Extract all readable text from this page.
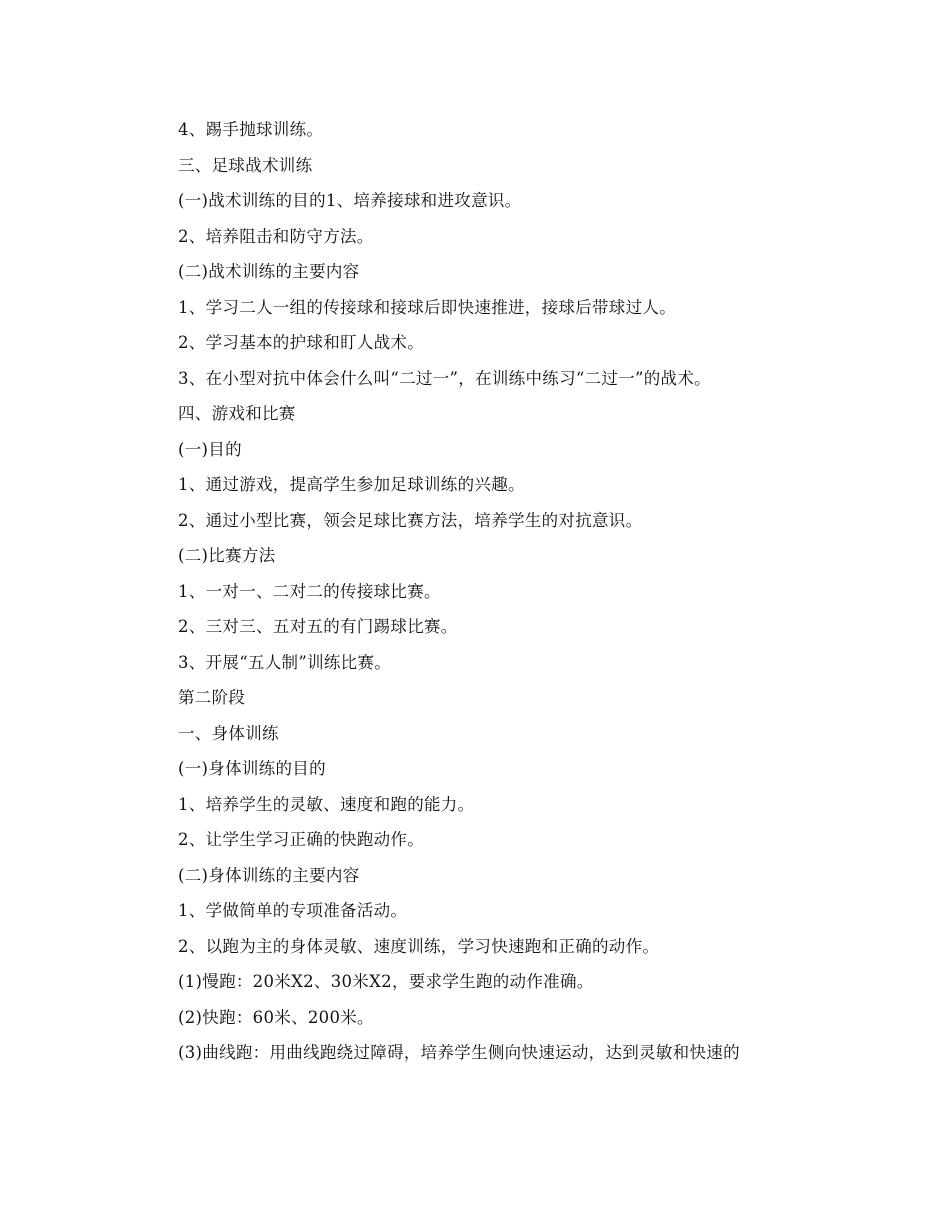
4、踢手抛球训练。
三、足球战术训练
(一)战术训练的目的1、培养接球和进攻意识。
2、培养阻击和防守方法。
(二)战术训练的主要内容
1、学习二人一组的传接球和接球后即快速推进，接球后带球过人。
2、学习基本的护球和盯人战术。
3、在小型对抗中体会什么叫“二过一”，在训练中练习“二过一”的战术。
四、游戏和比赛
(一)目的
1、通过游戏，提高学生参加足球训练的兴趣。
2、通过小型比赛，领会足球比赛方法，培养学生的对抗意识。
(二)比赛方法
1、一对一、二对二的传接球比赛。
2、三对三、五对五的有门踢球比赛。
3、开展“五人制”训练比赛。
第二阶段
一、身体训练
(一)身体训练的目的
1、培养学生的灵敏、速度和跑的能力。
2、让学生学习正确的快跑动作。
(二)身体训练的主要内容
1、学做简单的专项准备活动。
2、以跑为主的身体灵敏、速度训练，学习快速跑和正确的动作。
(1)慢跑：20米X2、30米X2，要求学生跑的动作准确。
(2)快跑：60米、200米。
(3)曲线跑：用曲线跑绕过障碍，培养学生侧向快速运动，达到灵敏和快速的
